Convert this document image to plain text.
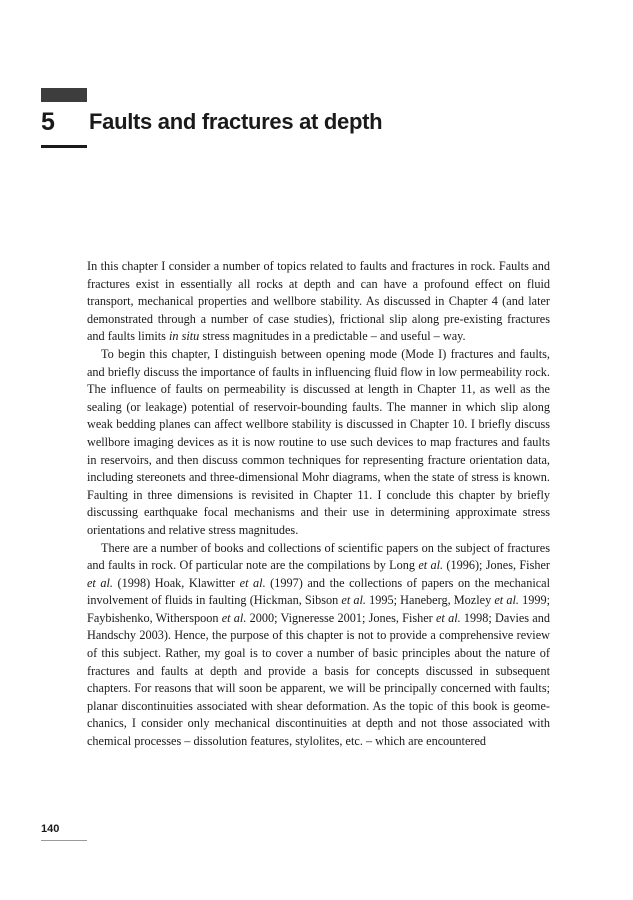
5 Faults and fractures at depth

In this chapter I consider a number of topics related to faults and fractures in rock. Faults and fractures exist in essentially all rocks at depth and can have a profound effect on fluid transport, mechanical properties and wellbore stability. As discussed in Chapter 4 (and later demonstrated through a number of case studies), frictional slip along pre-existing fractures and faults limits in situ stress magnitudes in a predictable – and useful – way.

To begin this chapter, I distinguish between opening mode (Mode I) fractures and faults, and briefly discuss the importance of faults in influencing fluid flow in low permeability rock. The influence of faults on permeability is discussed at length in Chapter 11, as well as the sealing (or leakage) potential of reservoir-bounding faults. The manner in which slip along weak bedding planes can affect wellbore stability is discussed in Chapter 10. I briefly discuss wellbore imaging devices as it is now routine to use such devices to map fractures and faults in reservoirs, and then discuss common techniques for representing fracture orientation data, including stereonets and three-dimensional Mohr diagrams, when the state of stress is known. Faulting in three dimensions is revisited in Chapter 11. I conclude this chapter by briefly discussing earthquake focal mechanisms and their use in determining approximate stress orientations and relative stress magnitudes.

There are a number of books and collections of scientific papers on the subject of fractures and faults in rock. Of particular note are the compilations by Long et al. (1996); Jones, Fisher et al. (1998) Hoak, Klawitter et al. (1997) and the collections of papers on the mechanical involvement of fluids in faulting (Hickman, Sibson et al. 1995; Haneberg, Mozley et al. 1999; Faybishenko, Witherspoon et al. 2000; Vigneresse 2001; Jones, Fisher et al. 1998; Davies and Handschy 2003). Hence, the purpose of this chapter is not to provide a comprehensive review of this subject. Rather, my goal is to cover a number of basic principles about the nature of fractures and faults at depth and provide a basis for concepts discussed in subsequent chapters. For reasons that will soon be apparent, we will be principally concerned with faults; planar discontinuities associated with shear deformation. As the topic of this book is geomechanics, I consider only mechanical discontinuities at depth and not those associated with chemical processes – dissolution features, stylolites, etc. – which are encountered

140
